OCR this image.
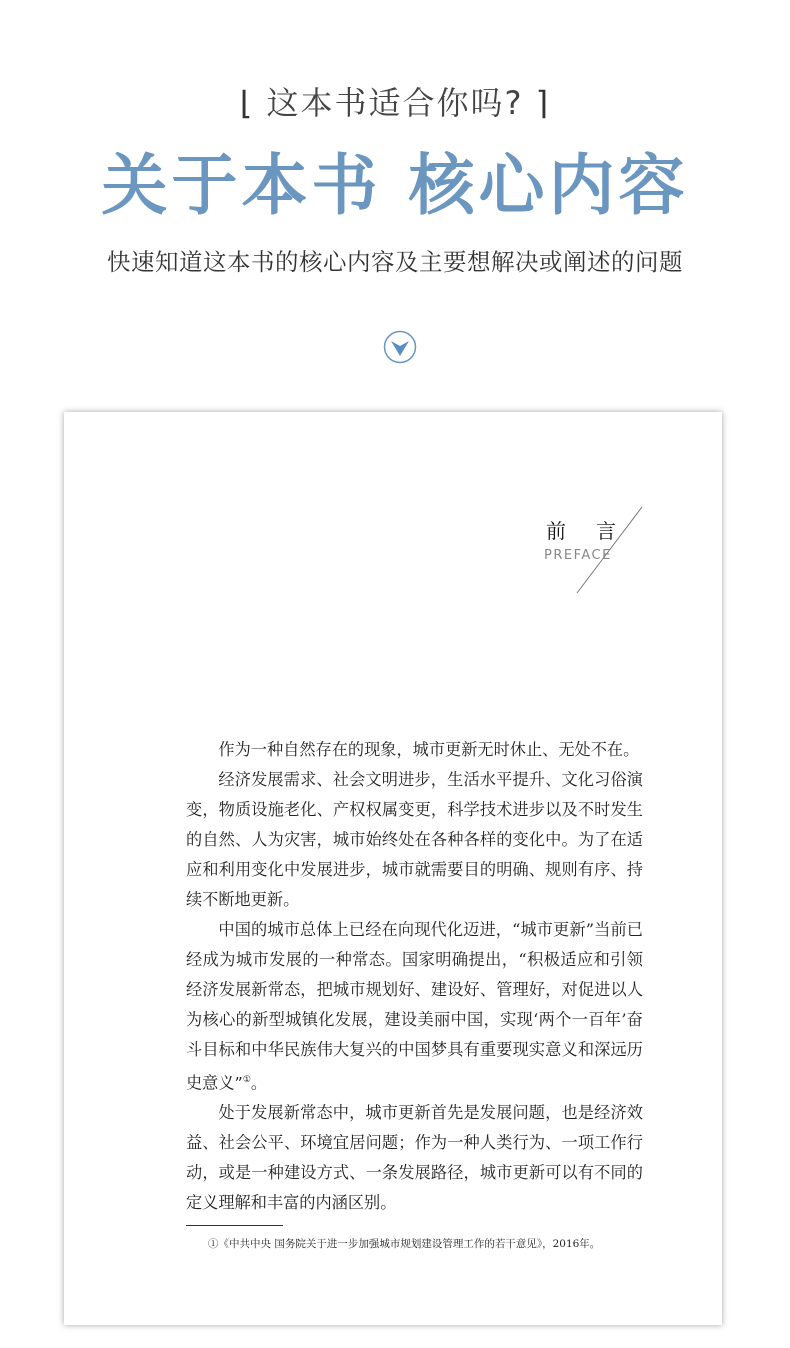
⌊ 这本书适合你吗? ⌉
关于本书 核心内容
快速知道这本书的核心内容及主要想解决或阐述的问题
前言
PREFACE

作为一种自然存在的现象，城市更新无时休止、无处不在。

经济发展需求、社会文明进步，生活水平提升、文化习俗演变，物质设施老化、产权权属变更，科学技术进步以及不时发生的自然、人为灾害，城市始终处在各种各样的变化中。为了在适应和利用变化中发展进步，城市就需要目的明确、规则有序、持续不断地更新。

中国的城市总体上已经在向现代化迈进，“城市更新”当前已经成为城市发展的一种常态。国家明确提出，“积极适应和引领经济发展新常态，把城市规划好、建设好、管理好，对促进以人为核心的新型城镇化发展，建设美丽中国，实现‘两个一百年’奋斗目标和中华民族伟大复兴的中国梦具有重要现实意义和深远历史意义”①。

处于发展新常态中，城市更新首先是发展问题，也是经济效益、社会公平、环境宜居问题；作为一种人类行为、一项工作行动，或是一种建设方式、一条发展路径，城市更新可以有不同的定义理解和丰富的内涵区别。

①《中共中央 国务院关于进一步加强城市规划建设管理工作的若干意见》，2016年。
